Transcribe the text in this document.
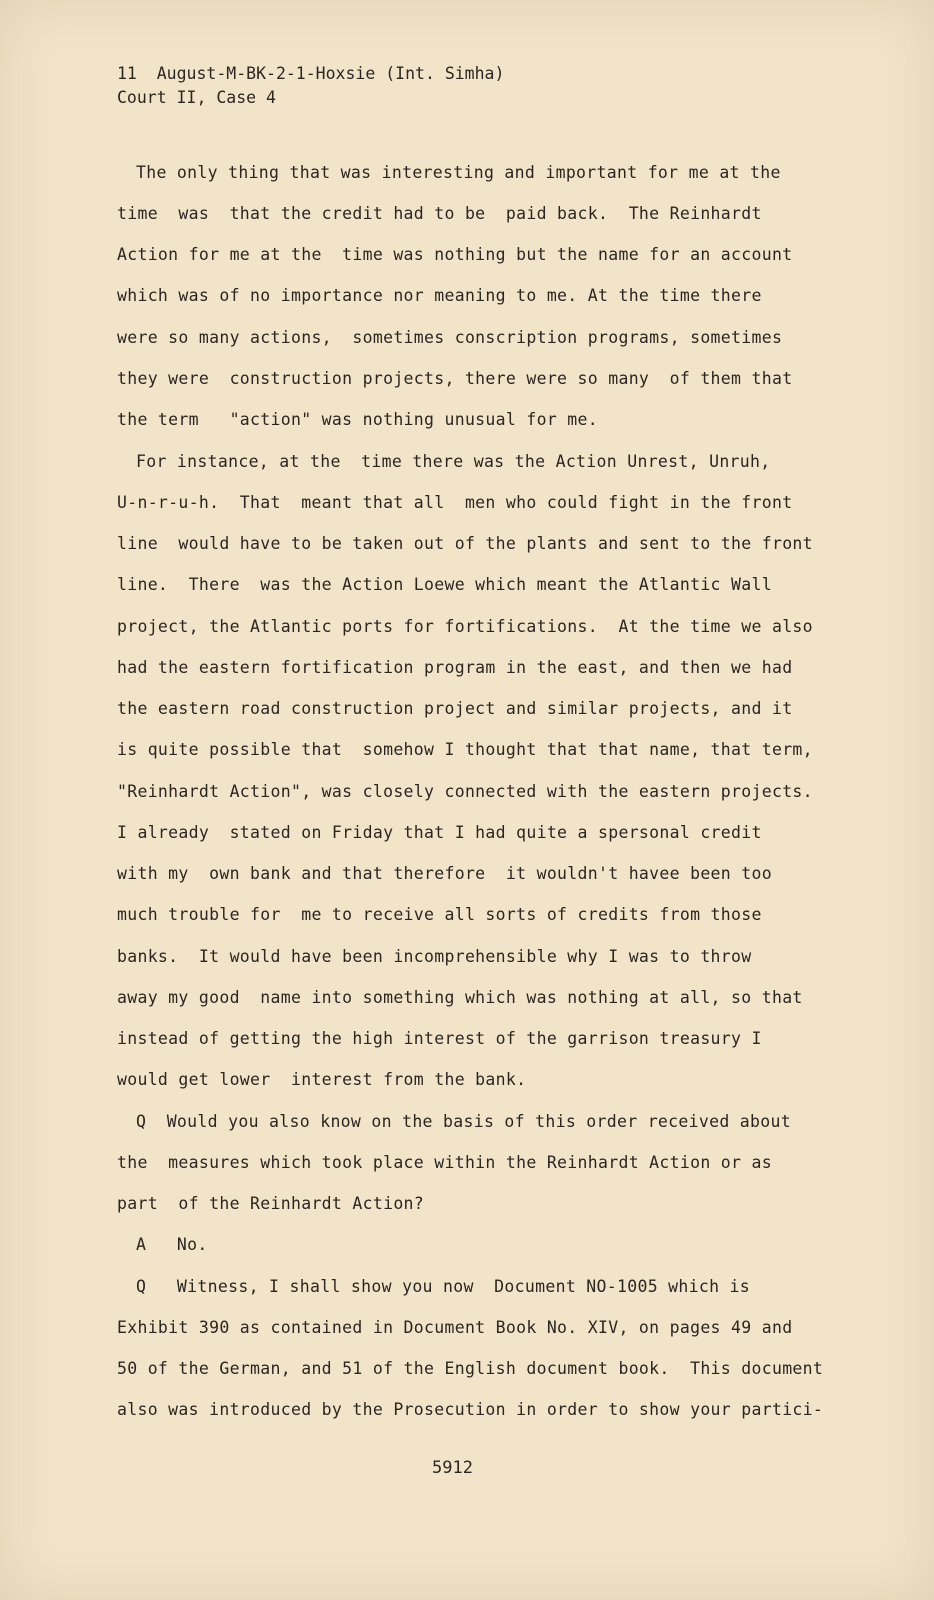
11  August-M-BK-2-1-Hoxsie (Int. Simha)
Court II, Case 4
The only thing that was interesting and important for me at the
time  was  that the credit had to be  paid back.  The Reinhardt
Action for me at the  time was nothing but the name for an account
which was of no importance nor meaning to me. At the time there
were so many actions,  sometimes conscription programs, sometimes
they were  construction projects, there were so many  of them that
the term   "action" was nothing unusual for me.
For instance, at the  time there was the Action Unrest, Unruh,
U-n-r-u-h.  That  meant that all  men who could fight in the front
line  would have to be taken out of the plants and sent to the front
line.  There  was the Action Loewe which meant the Atlantic Wall
project, the Atlantic ports for fortifications.  At the time we also
had the eastern fortification program in the east, and then we had
the eastern road construction project and similar projects, and it
is quite possible that  somehow I thought that that name, that term,
"Reinhardt Action", was closely connected with the eastern projects.
I already  stated on Friday that I had quite a spersonal credit
with my  own bank and that therefore  it wouldn't havee been too
much trouble for  me to receive all sorts of credits from those
banks.  It would have been incomprehensible why I was to throw
away my good  name into something which was nothing at all, so that
instead of getting the high interest of the garrison treasury I
would get lower  interest from the bank.
Q  Would you also know on the basis of this order received about
the  measures which took place within the Reinhardt Action or as
part  of the Reinhardt Action?
A   No.
Q   Witness, I shall show you now  Document NO-1005 which is
Exhibit 390 as contained in Document Book No. XIV, on pages 49 and
50 of the German, and 51 of the English document book.  This document
also was introduced by the Prosecution in order to show your partici-
5912
